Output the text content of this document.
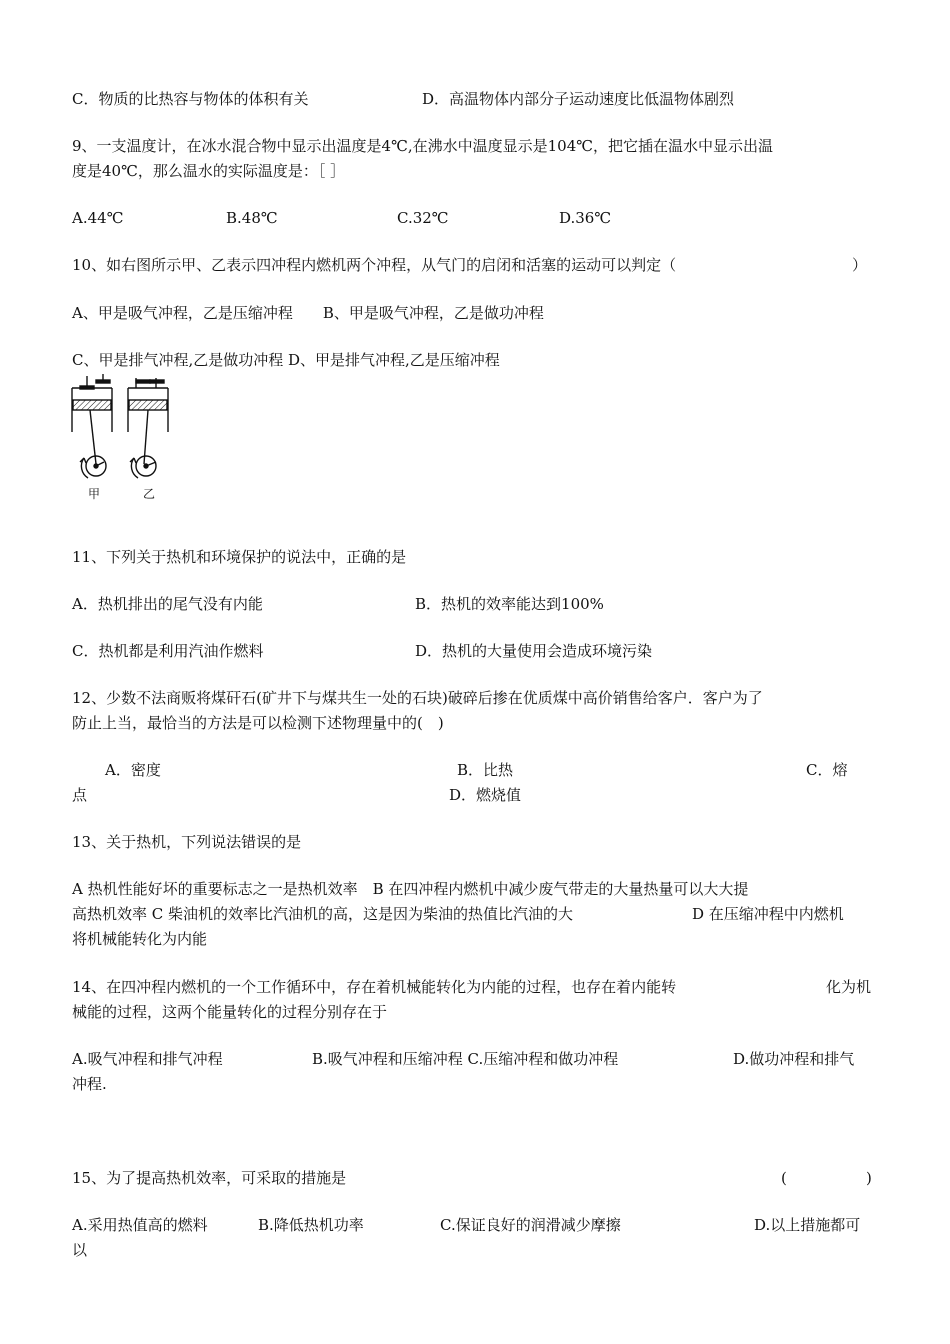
C．物质的比热容与物体的体积有关	D．高温物体内部分子运动速度比低温物体剧烈
9、一支温度计，在冰水混合物中显示出温度是4℃,在沸水中温度显示是104℃，把它插在温水中显示出温
度是40℃，那么温水的实际温度是：［ ］
A.44℃	B.48℃	C.32℃	D.36℃
10、如右图所示甲、乙表示四冲程内燃机两个冲程，从气门的启闭和活塞的运动可以判定（	）
A、甲是吸气冲程，乙是压缩冲程　　B、甲是吸气冲程，乙是做功冲程
C、甲是排气冲程,乙是做功冲程 D、甲是排气冲程,乙是压缩冲程
甲	乙
11、下列关于热机和环境保护的说法中，正确的是
A．热机排出的尾气没有内能	B．热机的效率能达到100%
C．热机都是利用汽油作燃料	D．热机的大量使用会造成环境污染
12、少数不法商贩将煤矸石(矿井下与煤共生一处的石块)破碎后掺在优质煤中高价销售给客户．客户为了
防止上当，最恰当的方法是可以检测下述物理量中的(　)
A．密度	B．比热	C．熔
点	D．燃烧值
13、关于热机，下列说法错误的是
A 热机性能好坏的重要标志之一是热机效率　B 在四冲程内燃机中减少废气带走的大量热量可以大大提
高热机效率 C 柴油机的效率比汽油机的高，这是因为柴油的热值比汽油的大	D 在压缩冲程中内燃机
将机械能转化为内能
14、在四冲程内燃机的一个工作循环中，存在着机械能转化为内能的过程，也存在着内能转	化为机
械能的过程，这两个能量转化的过程分别存在于
A.吸气冲程和排气冲程	B.吸气冲程和压缩冲程 C.压缩冲程和做功冲程	D.做功冲程和排气
冲程.
15、为了提高热机效率，可采取的措施是	(	)
A.采用热值高的燃料	B.降低热机功率	C.保证良好的润滑减少摩擦	D.以上措施都可
以
